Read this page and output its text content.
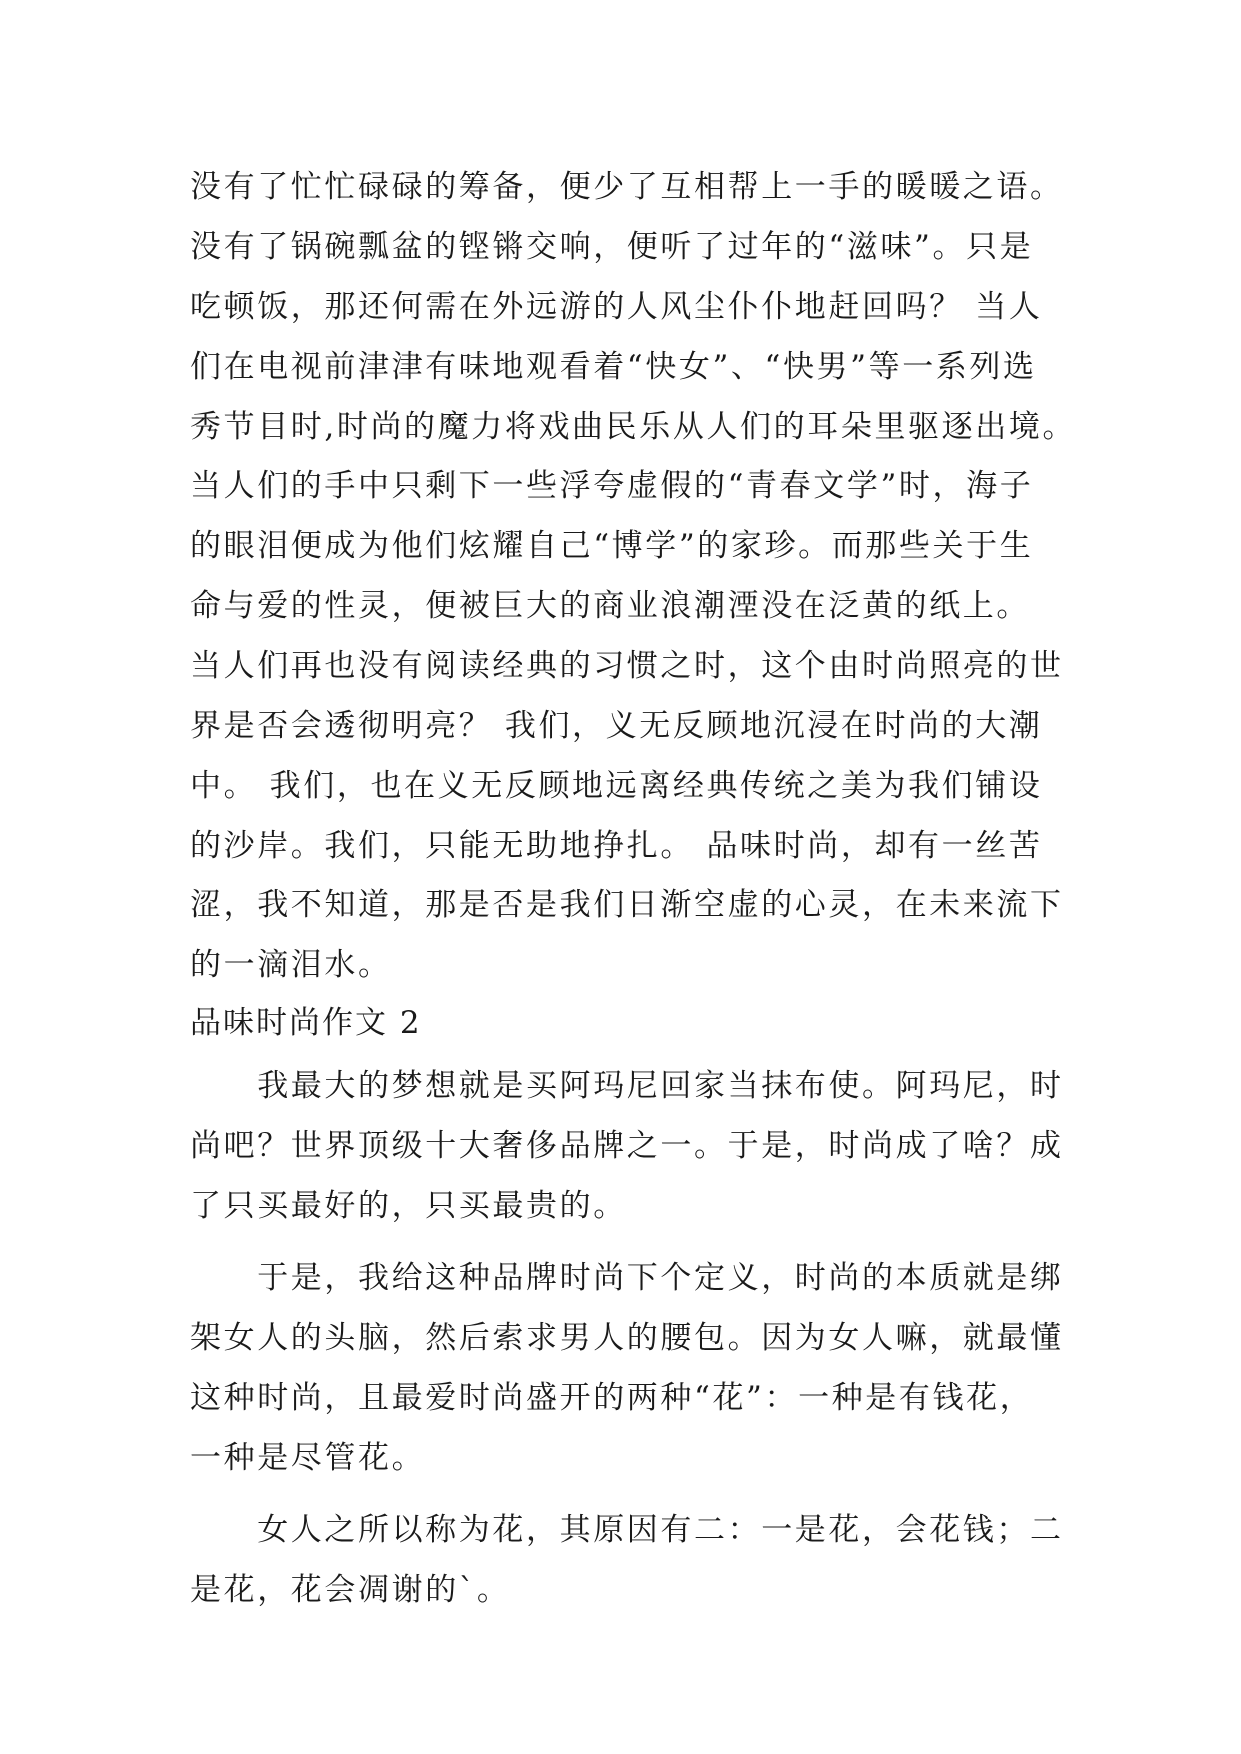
没有了忙忙碌碌的筹备，便少了互相帮上一手的暖暖之语。
没有了锅碗瓢盆的铿锵交响，便听了过年的“滋味”。只是
吃顿饭，那还何需在外远游的人风尘仆仆地赶回吗？ 当人
们在电视前津津有味地观看着“快女”、“快男”等一系列选
秀节目时,时尚的魔力将戏曲民乐从人们的耳朵里驱逐出境。
当人们的手中只剩下一些浮夸虚假的“青春文学”时，海子
的眼泪便成为他们炫耀自己“博学”的家珍。而那些关于生
命与爱的性灵，便被巨大的商业浪潮湮没在泛黄的纸上。
当人们再也没有阅读经典的习惯之时，这个由时尚照亮的世
界是否会透彻明亮？ 我们，义无反顾地沉浸在时尚的大潮
中。 我们，也在义无反顾地远离经典传统之美为我们铺设
的沙岸。我们，只能无助地挣扎。 品味时尚，却有一丝苦
涩，我不知道，那是否是我们日渐空虚的心灵，在未来流下
的一滴泪水。
品味时尚作文 2
　　我最大的梦想就是买阿玛尼回家当抹布使。阿玛尼，时
尚吧？世界顶级十大奢侈品牌之一。于是，时尚成了啥？成
了只买最好的，只买最贵的。
　　于是，我给这种品牌时尚下个定义，时尚的本质就是绑
架女人的头脑，然后索求男人的腰包。因为女人嘛，就最懂
这种时尚，且最爱时尚盛开的两种“花”：一种是有钱花，
一种是尽管花。
　　女人之所以称为花，其原因有二：一是花，会花钱；二
是花，花会凋谢的`。
